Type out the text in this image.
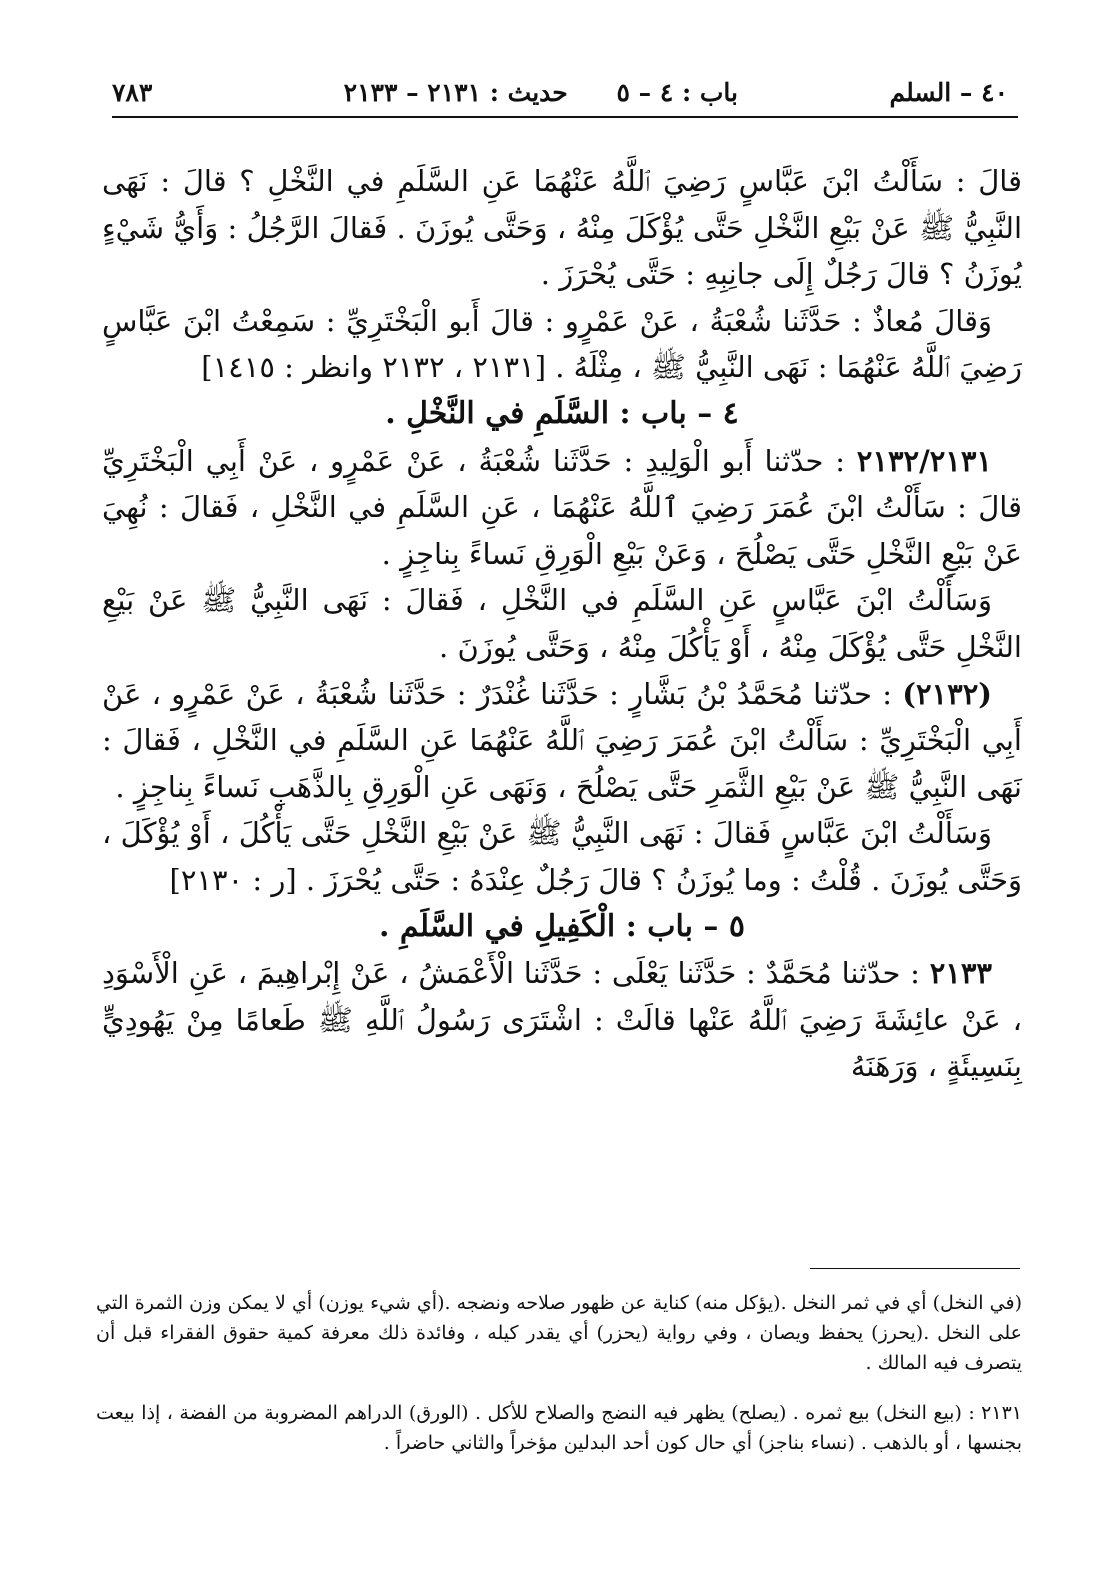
٤٠ – السلم
باب : ٤ – ٥ حديث : ٢١٣١ – ٢١٣٣
٧٨٣

قالَ : سَأَلْتُ ابْنَ عَبَّاسٍ رَضِيَ ٱللَّهُ عَنْهُمَا عَنِ السَّلَمِ في النَّخْلِ ؟ قالَ : نَهَى النَّبِيُّ ﷺ عَنْ بَيْعِ النَّخْلِ حَتَّى يُؤْكَلَ مِنْهُ ، وَحَتَّى يُوزَنَ . فَقالَ الرَّجُلُ : وَأَيُّ شَيْءٍ يُوزَنُ ؟ قالَ رَجُلٌ إِلَى جانِبِهِ : حَتَّى يُحْرَزَ .

وَقالَ مُعاذٌ : حَدَّثَنا شُعْبَةُ ، عَنْ عَمْرٍو : قالَ أَبو الْبَخْتَرِيِّ : سَمِعْتُ ابْنَ عَبَّاسٍ رَضِيَ ٱللَّهُ عَنْهُمَا : نَهَى النَّبِيُّ ﷺ ، مِثْلَهُ . [٢١٣١ ، ٢١٣٢ وانظر : ١٤١٥]

٤ – باب : السَّلَمِ في النَّخْلِ .

٢١٣٢/٢١٣١ : حدّثنا أَبو الْوَلِيدِ : حَدَّثَنا شُعْبَةُ ، عَنْ عَمْرٍو ، عَنْ أَبِي الْبَخْتَرِيِّ قالَ : سَأَلْتُ ابْنَ عُمَرَ رَضِيَ ٱللَّهُ عَنْهُمَا ، عَنِ السَّلَمِ في النَّخْلِ ، فَقالَ : نُهِيَ عَنْ بَيْعِ النَّخْلِ حَتَّى يَصْلُحَ ، وَعَنْ بَيْعِ الْوَرِقِ نَساءً بِناجِزٍ .

وَسَأَلْتُ ابْنَ عَبَّاسٍ عَنِ السَّلَمِ في النَّخْلِ ، فَقالَ : نَهَى النَّبِيُّ ﷺ عَنْ بَيْعِ النَّخْلِ حَتَّى يُؤْكَلَ مِنْهُ ، أَوْ يَأْكُلَ مِنْهُ ، وَحَتَّى يُوزَنَ .

(٢١٣٢) : حدّثنا مُحَمَّدُ بْنُ بَشَّارٍ : حَدَّثَنا غُنْدَرٌ : حَدَّثَنا شُعْبَةُ ، عَنْ عَمْرٍو ، عَنْ أَبِي الْبَخْتَرِيِّ : سَأَلْتُ ابْنَ عُمَرَ رَضِيَ ٱللَّهُ عَنْهُمَا عَنِ السَّلَمِ في النَّخْلِ ، فَقالَ : نَهَى النَّبِيُّ ﷺ عَنْ بَيْعِ الثَّمَرِ حَتَّى يَصْلُحَ ، وَنَهَى عَنِ الْوَرِقِ بِالذَّهَبِ نَساءً بِناجِزٍ .

وَسَأَلْتُ ابْنَ عَبَّاسٍ فَقالَ : نَهَى النَّبِيُّ ﷺ عَنْ بَيْعِ النَّخْلِ حَتَّى يَأْكُلَ ، أَوْ يُؤْكَلَ ، وَحَتَّى يُوزَنَ . قُلْتُ : وما يُوزَنُ ؟ قالَ رَجُلٌ عِنْدَهُ : حَتَّى يُحْرَزَ . [ر : ٢١٣٠]

٥ – باب : الْكَفِيلِ في السَّلَمِ .

٢١٣٣ : حدّثنا مُحَمَّدٌ : حَدَّثَنا يَعْلَى : حَدَّثَنا الْأَعْمَشُ ، عَنْ إِبْراهِيمَ ، عَنِ الْأَسْوَدِ ، عَنْ عائِشَةَ رَضِيَ ٱللَّهُ عَنْها قالَتْ : اشْتَرَى رَسُولُ ٱللَّهِ ﷺ طَعامًا مِنْ يَهُودِيٍّ بِنَسِيئَةٍ ، وَرَهَنَهُ

(في النخل) أي في ثمر النخل .(يؤكل منه) كناية عن ظهور صلاحه ونضجه .(أي شيء يوزن) أي لا يمكن وزن الثمرة التي على النخل .(يحرز) يحفظ ويصان ، وفي رواية (يحزر) أي يقدر كيله ، وفائدة ذلك معرفة كمية حقوق الفقراء قبل أن يتصرف فيه المالك .

٢١٣١ : (بيع النخل) بيع ثمره . (يصلح) يظهر فيه النضج والصلاح للأكل . (الورق) الدراهم المضروبة من الفضة ، إذا بيعت بجنسها ، أو بالذهب . (نساء بناجز) أي حال كون أحد البدلين مؤخراً والثاني حاضراً .
